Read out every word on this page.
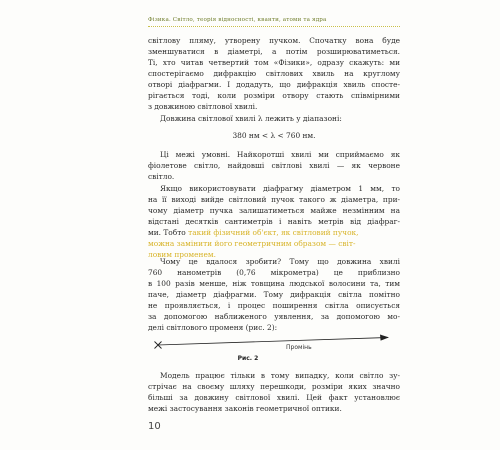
Фізика. Світло, теорія відносності, кванти, атоми та ядра
світлову пляму, утворену пучком. Спочатку вона буде
зменшуватися в діаметрі, а потім розширюватиметься.
Ті, хто читав четвертий том «Фізики», одразу скажуть: ми
спостерігаємо дифракцію світлових хвиль на круглому
отворі діафрагми. І додадуть, що дифракція хвиль спосте-
рігається тоді, коли розміри отвору стають співмірними
з довжиною світлової хвилі.
Довжина світлової хвилі λ лежить у діапазоні:
380 нм < λ < 760 нм.
Ці межі умовні. Найкоротші хвилі ми сприймаємо як
фіолетове світло, найдовші світлові хвилі — як червоне
світло.
Якщо використовувати діафрагму діаметром 1 мм, то
на її виході вийде світловий пучок такого ж діаметра, при-
чому діаметр пучка залишатиметься майже незмінним на
відстані десятків сантиметрів і навіть метрів від діафраг-
ми. Тобто такий фізичний об'єкт, як світловий пучок,
можна замінити його геометричним образом — світ-
ловим променем.
Чому це вдалося зробити? Тому що довжина хвилі
760 нанометрів (0,76 мікрометра) це приблизно
в 100 разів менше, ніж товщина людської волосини та, тим
паче, діаметр діафрагми. Тому дифракція світла помітно
не проявляється, і процес поширення світла описується
за допомогою наближеного уявлення, за допомогою мо-
делі світлового променя (рис. 2):
Промінь
Рис. 2
Модель працює тільки в тому випадку, коли світло зу-
стрічає на своєму шляху перешкоди, розміри яких значно
більші за довжину світлової хвилі. Цей факт установлює
межі застосування законів геометричної оптики.
10
